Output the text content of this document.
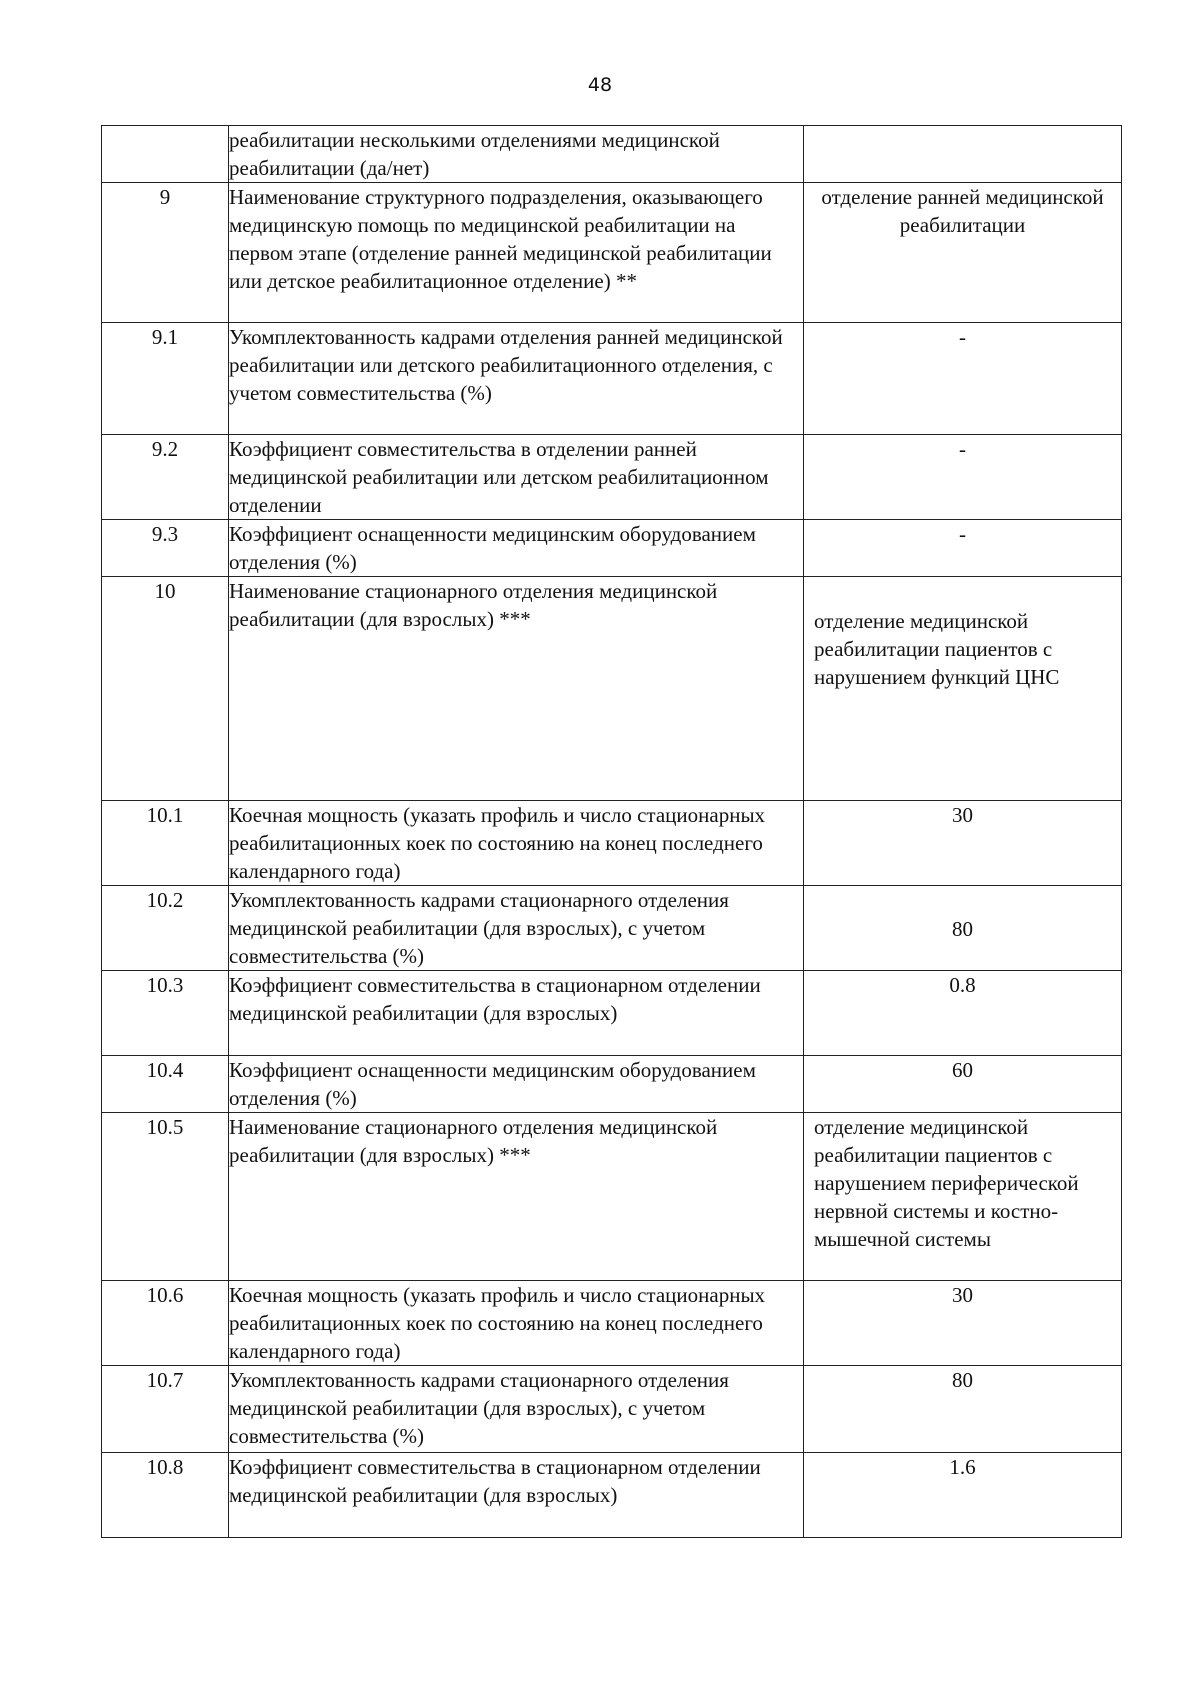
48
	реабилитации несколькими отделениями медицинской реабилитации (да/нет)	
9	Наименование структурного подразделения, оказывающего медицинскую помощь по медицинской реабилитации на первом этапе (отделение ранней медицинской реабилитации или детское реабилитационное отделение) **	отделение ранней медицинской реабилитации
9.1	Укомплектованность кадрами отделения ранней медицинской реабилитации или детского реабилитационного отделения, с учетом совместительства (%)	-
9.2	Коэффициент совместительства в отделении ранней медицинской реабилитации или детском реабилитационном отделении	-
9.3	Коэффициент оснащенности медицинским оборудованием отделения (%)	-
10	Наименование стационарного отделения медицинской реабилитации (для взрослых) ***	отделение медицинской реабилитации пациентов с нарушением функций ЦНС
10.1	Коечная мощность (указать профиль и число стационарных реабилитационных коек по состоянию на конец последнего календарного года)	30
10.2	Укомплектованность кадрами стационарного отделения медицинской реабилитации (для взрослых), с учетом совместительства (%)	80
10.3	Коэффициент совместительства в стационарном отделении медицинской реабилитации (для взрослых)	0.8
10.4	Коэффициент оснащенности медицинским оборудованием отделения (%)	60
10.5	Наименование стационарного отделения медицинской реабилитации (для взрослых) ***	отделение медицинской реабилитации пациентов с нарушением периферической нервной системы и костно-мышечной системы
10.6	Коечная мощность (указать профиль и число стационарных реабилитационных коек по состоянию на конец последнего календарного года)	30
10.7	Укомплектованность кадрами стационарного отделения медицинской реабилитации (для взрослых), с учетом совместительства (%)	80
10.8	Коэффициент совместительства в стационарном отделении медицинской реабилитации (для взрослых)	1.6
